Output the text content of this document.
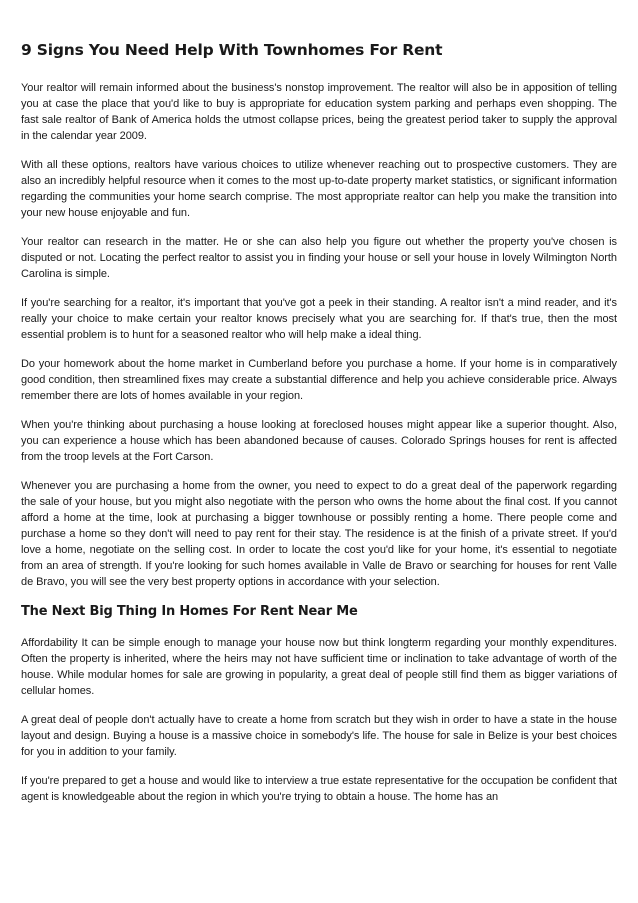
9 Signs You Need Help With Townhomes For Rent

Your realtor will remain informed about the business's nonstop improvement. The realtor will also be in apposition of telling you at case the place that you'd like to buy is appropriate for education system parking and perhaps even shopping. The fast sale realtor of Bank of America holds the utmost collapse prices, being the greatest period taker to supply the approval in the calendar year 2009.

With all these options, realtors have various choices to utilize whenever reaching out to prospective customers. They are also an incredibly helpful resource when it comes to the most up-to-date property market statistics, or significant information regarding the communities your home search comprise. The most appropriate realtor can help you make the transition into your new house enjoyable and fun.

Your realtor can research in the matter. He or she can also help you figure out whether the property you've chosen is disputed or not. Locating the perfect realtor to assist you in finding your house or sell your house in lovely Wilmington North Carolina is simple.

If you're searching for a realtor, it's important that you've got a peek in their standing. A realtor isn't a mind reader, and it's really your choice to make certain your realtor knows precisely what you are searching for. If that's true, then the most essential problem is to hunt for a seasoned realtor who will help make a ideal thing.

Do your homework about the home market in Cumberland before you purchase a home. If your home is in comparatively good condition, then streamlined fixes may create a substantial difference and help you achieve considerable price. Always remember there are lots of homes available in your region.

When you're thinking about purchasing a house looking at foreclosed houses might appear like a superior thought. Also, you can experience a house which has been abandoned because of causes. Colorado Springs houses for rent is affected from the troop levels at the Fort Carson.

Whenever you are purchasing a home from the owner, you need to expect to do a great deal of the paperwork regarding the sale of your house, but you might also negotiate with the person who owns the home about the final cost. If you cannot afford a home at the time, look at purchasing a bigger townhouse or possibly renting a home. There people come and purchase a home so they don't will need to pay rent for their stay. The residence is at the finish of a private street. If you'd love a home, negotiate on the selling cost. In order to locate the cost you'd like for your home, it's essential to negotiate from an area of strength. If you're looking for such homes available in Valle de Bravo or searching for houses for rent Valle de Bravo, you will see the very best property options in accordance with your selection.

The Next Big Thing In Homes For Rent Near Me

Affordability It can be simple enough to manage your house now but think longterm regarding your monthly expenditures. Often the property is inherited, where the heirs may not have sufficient time or inclination to take advantage of worth of the house. While modular homes for sale are growing in popularity, a great deal of people still find them as bigger variations of cellular homes.

A great deal of people don't actually have to create a home from scratch but they wish in order to have a state in the house layout and design. Buying a house is a massive choice in somebody's life. The house for sale in Belize is your best choices for you in addition to your family.

If you're prepared to get a house and would like to interview a true estate representative for the occupation be confident that agent is knowledgeable about the region in which you're trying to obtain a house. The home has an
